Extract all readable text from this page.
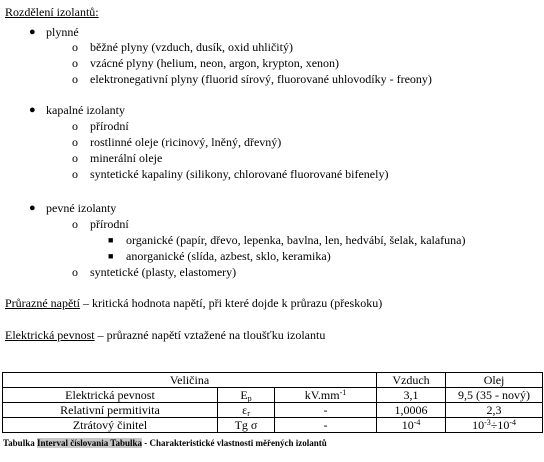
Rozdělení izolantů:
● plynné
o běžné plyny (vzduch, dusík, oxid uhličitý)
o vzácné plyny (helium, neon, argon, krypton, xenon)
o elektronegativní plyny (fluorid sírový, fluorované uhlovodíky - freony)
● kapalné izolanty
o přírodní
o rostlinné oleje (ricinový, lněný, dřevný)
o minerální oleje
o syntetické kapaliny (silikony, chlorované fluorované bifenely)
● pevné izolanty
o přírodní
■ organické (papír, dřevo, lepenka, bavlna, len, hedvábí, šelak, kalafuna)
■ anorganické (slída, azbest, sklo, keramika)
o syntetické (plasty, elastomery)
Průrazné napětí – kritická hodnota napětí, při které dojde k průrazu (přeskoku)
Elektrická pevnost – průrazné napětí vztažené na tloušťku izolantu
Veličina			Vzduch	Olej
Elektrická pevnost	$E_p$	$kV.mm^{-1}$	3,1	9,5 (35 - nový)
Relativní permitivita	$\varepsilon_r$	-	1,0006	2,3
Ztrátový činitel	Tg σ	-	$10^{-4}$	$10^{-3}\div 10^{-4}$
Tabulka Interval číslovania Tabulka - Charakteristické vlastnosti měřených izolantů
